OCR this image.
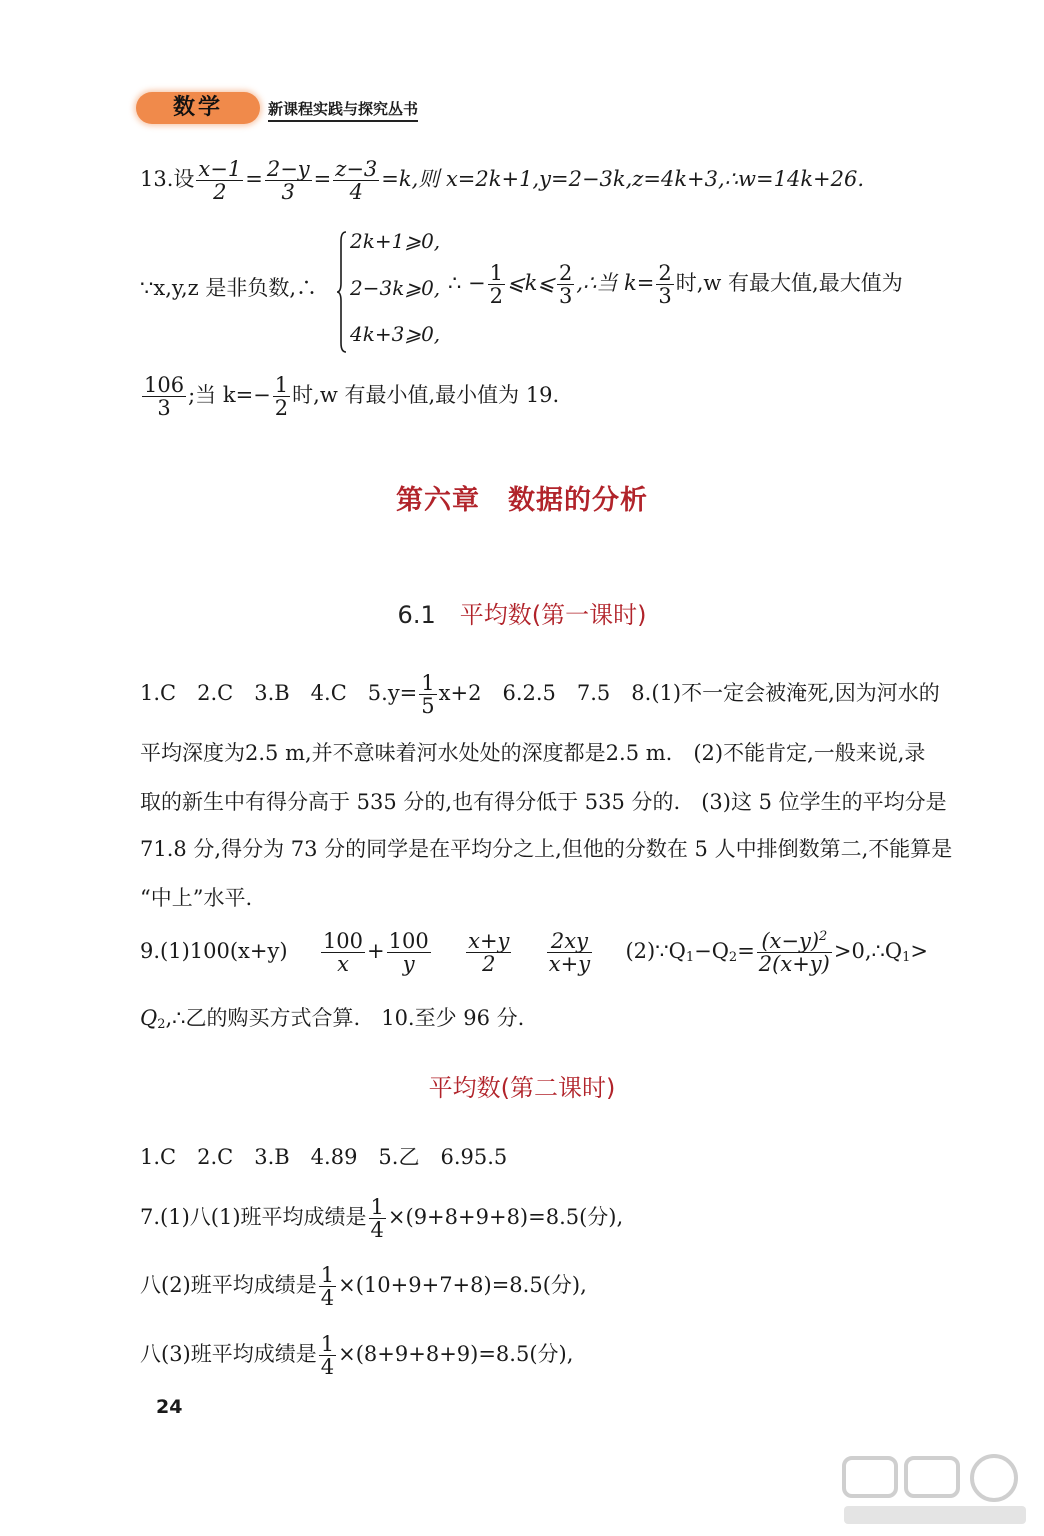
数学	新课程实践与探究丛书
13.设 $\frac{x-1}{2} = \frac{2-y}{3} = \frac{z-3}{4} =k$,则 x=2k+1,y=2−3k,z=4k+3,∴w=14k+26.
∵x,y,z 是非负数,∴
2k+1⩾0,
2−3k⩾0,
4k+3⩾0,
∴ − $\frac{1}{2}$ ⩽k⩽ $\frac{2}{3}$ ,∴当 $k= \frac{2}{3}$ 时,w 有最大值,最大值为
$\frac{106}{3}$ ;当 $k=- \frac{1}{2}$ 时,w 有最小值,最小值为 19.
第六章　数据的分析
6.1 平均数(第一课时)
1.C　2.C　3.B　4.C　$5.y= \frac{1}{5} x+2$　6.2.5　7.5　8.(1)不一定会被淹死,因为河水的
平均深度为2.5 m,并不意味着河水处处的深度都是2.5 m.　(2)不能肯定,一般来说,录
取的新生中有得分高于 535 分的,也有得分低于 535 分的.　(3)这 5 位学生的平均分是
71.8 分,得分为 73 分的同学是在平均分之上,但他的分数在 5 人中排倒数第二,不能算是
“中上”水平.
$9.(1)100(x+y) \frac{100}{x} + \frac{100}{y}$
$\frac{x+y}{2}$
$\frac{2xy}{x+y}$ $(2)\because Q_1-Q_2= \frac{(x-y)^2}{2(x+y)}$ $>0,\therefore Q_1>$
$Q_2,\therefore$乙的购买方式合算.　10.至少 96 分.
平均数(第二课时)
1.C　2.C　3.B　4.89　5.乙　6.95.5
7.(1)八(1)班平均成绩是 $\frac{1}{4} \times(9+8+9+8)=8.5$(分),
八(2)班平均成绩是 $\frac{1}{4} \times(10+9+7+8)=8.5$(分),
八(3)班平均成绩是 $\frac{1}{4} \times(8+9+8+9)=8.5$(分),
24
